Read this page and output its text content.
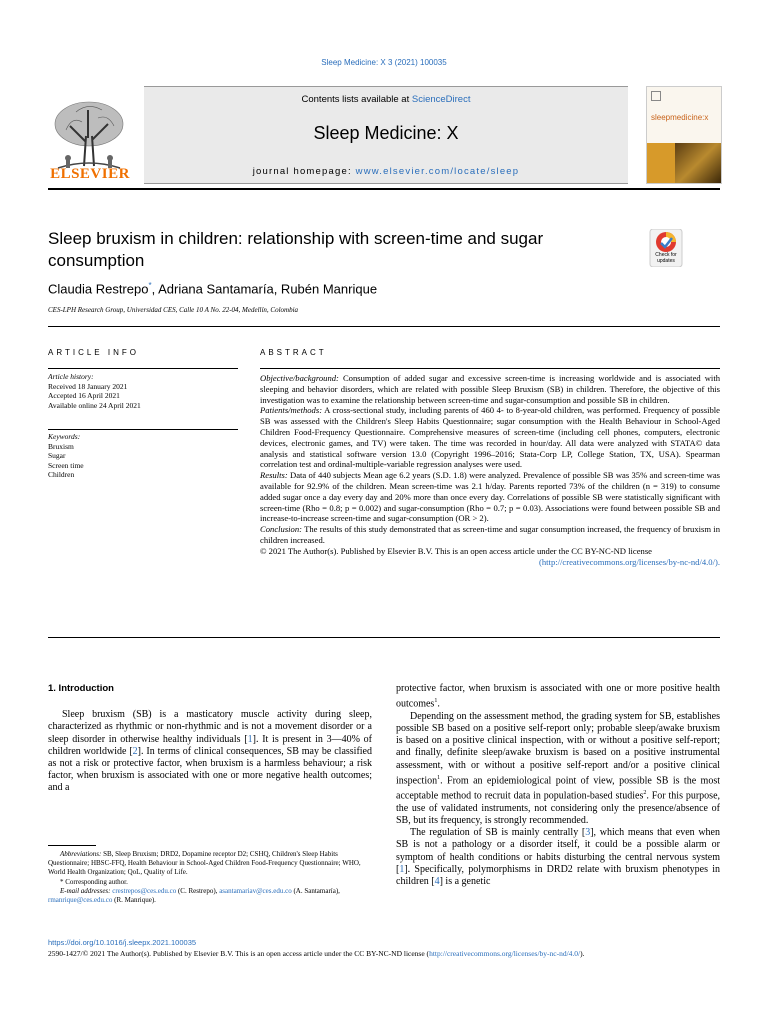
Sleep Medicine: X 3 (2021) 100035
ELSEVIER
Contents lists available at ScienceDirect
Sleep Medicine: X
journal homepage: www.elsevier.com/locate/sleep
sleepmedicine:x
Sleep bruxism in children: relationship with screen-time and sugar consumption	Check for updates
Claudia Restrepo*, Adriana Santamaría, Rubén Manrique
CES-LPH Research Group, Universidad CES, Calle 10 A No. 22-04, Medellín, Colombia
ARTICLE INFO	ABSTRACT
Article history:
Received 18 January 2021
Accepted 16 April 2021
Available online 24 April 2021
Keywords:
Bruxism
Sugar
Screen time
Children

Objective/background: Consumption of added sugar and excessive screen-time is increasing worldwide and is associated with sleeping and behavior disorders, which are related with possible Sleep Bruxism (SB) in children. Therefore, the objective of this investigation was to examine the relationship between screen-time and sugar-consumption and possible SB in children.

Patients/methods: A cross-sectional study, including parents of 460 4- to 8-year-old children, was performed. Frequency of possible SB was assessed with the Children's Sleep Habits Questionnaire; sugar consumption with the Health Behaviour in School-Aged Children Food-Frequency Questionnaire. Comprehensive measures of screen-time (including cell phones, computers, electronic devices, electronic games, and TV) were taken. The time was recorded in hour/day. All data were analyzed with STATA© data analysis and statistical software version 13.0 (Copyright 1996–2016; Stata-Corp LP, College Station, TX, USA). Spearman correlation test and ordinal-multiple-variable regression analyses were used.

Results: Data of 440 subjects Mean age 6.2 years (S.D. 1.8) were analyzed. Prevalence of possible SB was 35% and screen-time was available for 92.9% of the children. Mean screen-time was 2.1 h/day. Parents reported 73% of the children (n = 319) to consume added sugar once a day every day and 20% more than once every day. Correlations of possible SB were statistically significant with screen-time (Rho = 0.8; p = 0.002) and sugar-consumption (Rho = 0.7; p = 0.03). Associations were found between possible SB and increase-to-increase screen-time and sugar-consumption (OR > 2).

Conclusion: The results of this study demonstrated that as screen-time and sugar consumption increased, the frequency of bruxism in children increased.

© 2021 The Author(s). Published by Elsevier B.V. This is an open access article under the CC BY-NC-ND license
(http://creativecommons.org/licenses/by-nc-nd/4.0/).

1. Introduction

Sleep bruxism (SB) is a masticatory muscle activity during sleep, characterized as rhythmic or non-rhythmic and is not a movement disorder or a sleep disorder in otherwise healthy individuals [1]. It is present in 3—40% of children worldwide [2]. In terms of clinical consequences, SB may be classified as not a risk or protective factor, when bruxism is a harmless behaviour; a risk factor, when bruxism is associated with one or more negative health outcomes; and a

protective factor, when bruxism is associated with one or more positive health outcomes$^1$.

Depending on the assessment method, the grading system for SB, establishes possible SB based on a positive self-report only; probable sleep/awake bruxism is based on a positive clinical inspection, with or without a positive self-report; and finally, definite sleep/awake bruxism is based on a positive instrumental assessment, with or without a positive self-report and/or a positive clinical inspection$^1$. From an epidemiological point of view, possible SB is the most acceptable method to recruit data in population-based studies$^2$. For this purpose, the use of validated instruments, not considering only the presence/absence of SB, but its frequency, is strongly recommended.

The regulation of SB is mainly centrally [3], which means that even when SB is not a pathology or a disorder itself, it could be a possible alarm or symptom of health conditions or habits disturbing the central nervous system [1]. Specifically, polymorphisms in DRD2 relate with bruxism phenotypes in children [4] is a genetic

Abbreviations: SB, Sleep Bruxism; DRD2, Dopamine receptor D2; CSHQ, Children's Sleep Habits Questionnaire; HBSC-FFQ, Health Behaviour in School-Aged Children Food-Frequency Questionnaire; WHO, World Health Organization; QoL, Quality of Life.

* Corresponding author.

E-mail addresses: crestrepos@ces.edu.co (C. Restrepo), asantamariav@ces.edu.co (A. Santamaría), rmanrique@ces.edu.co (R. Manrique).

https://doi.org/10.1016/j.sleepx.2021.100035
2590-1427/© 2021 The Author(s). Published by Elsevier B.V. This is an open access article under the CC BY-NC-ND license (http://creativecommons.org/licenses/by-nc-nd/4.0/).
